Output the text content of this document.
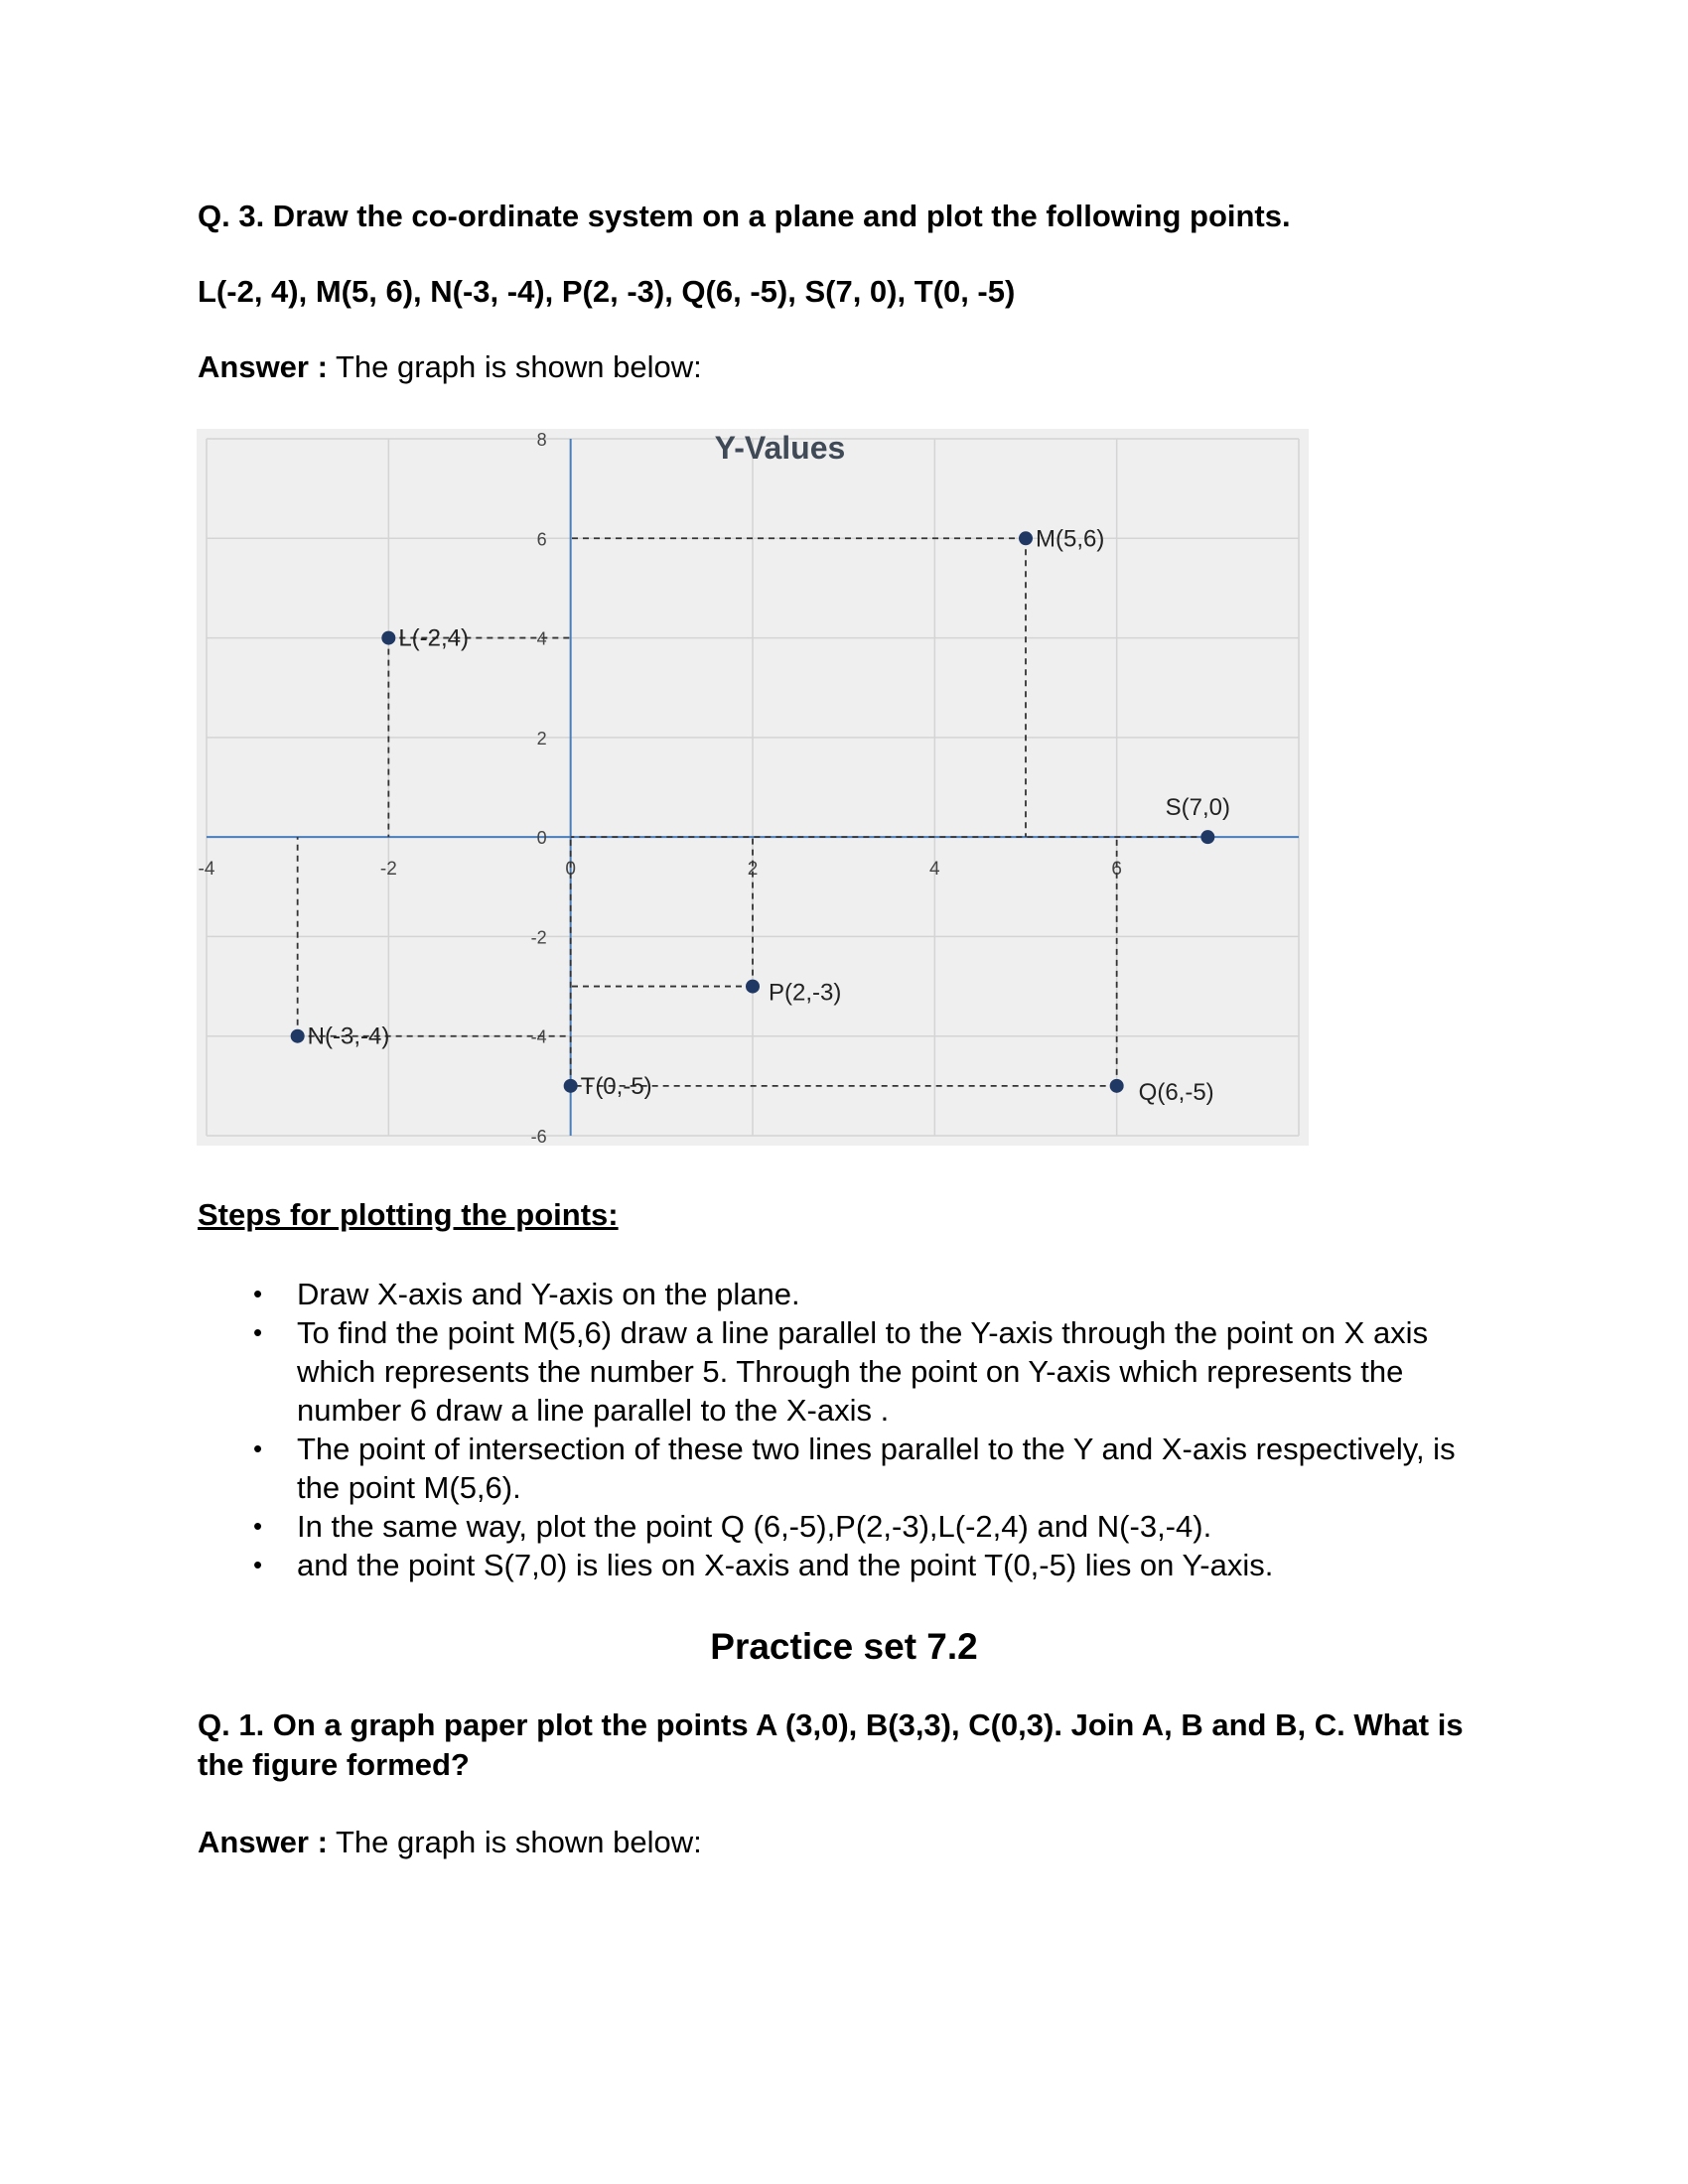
Q. 3. Draw the co-ordinate system on a plane and plot the following points.
L(-2, 4), M(5, 6), N(-3, -4), P(2, -3), Q(6, -5), S(7, 0), T(0, -5)
Answer : The graph is shown below:
-4	-2	0	2	4	6
-6
-4
-2
0
2
4
6
8	Y-Values
L(-2,4)
M(5,6)
N(-3,-4)
P(2,-3)
Q(6,-5)
S(7,0)
T(0,-5)
Steps for plotting the points:
• Draw X-axis and Y-axis on the plane.
• To find the point M(5,6) draw a line parallel to the Y-axis through the point on X axis which represents the number 5. Through the point on Y-axis which represents the number 6 draw a line parallel to the X-axis .
• The point of intersection of these two lines parallel to the Y and X-axis respectively, is the point M(5,6).
• In the same way, plot the point Q (6,-5),P(2,-3),L(-2,4) and N(-3,-4).
• and the point S(7,0) is lies on X-axis and the point T(0,-5) lies on Y-axis.
Practice set 7.2
Q. 1. On a graph paper plot the points A (3,0), B(3,3), C(0,3). Join A, B and B, C. What is the figure formed?
Answer : The graph is shown below:
